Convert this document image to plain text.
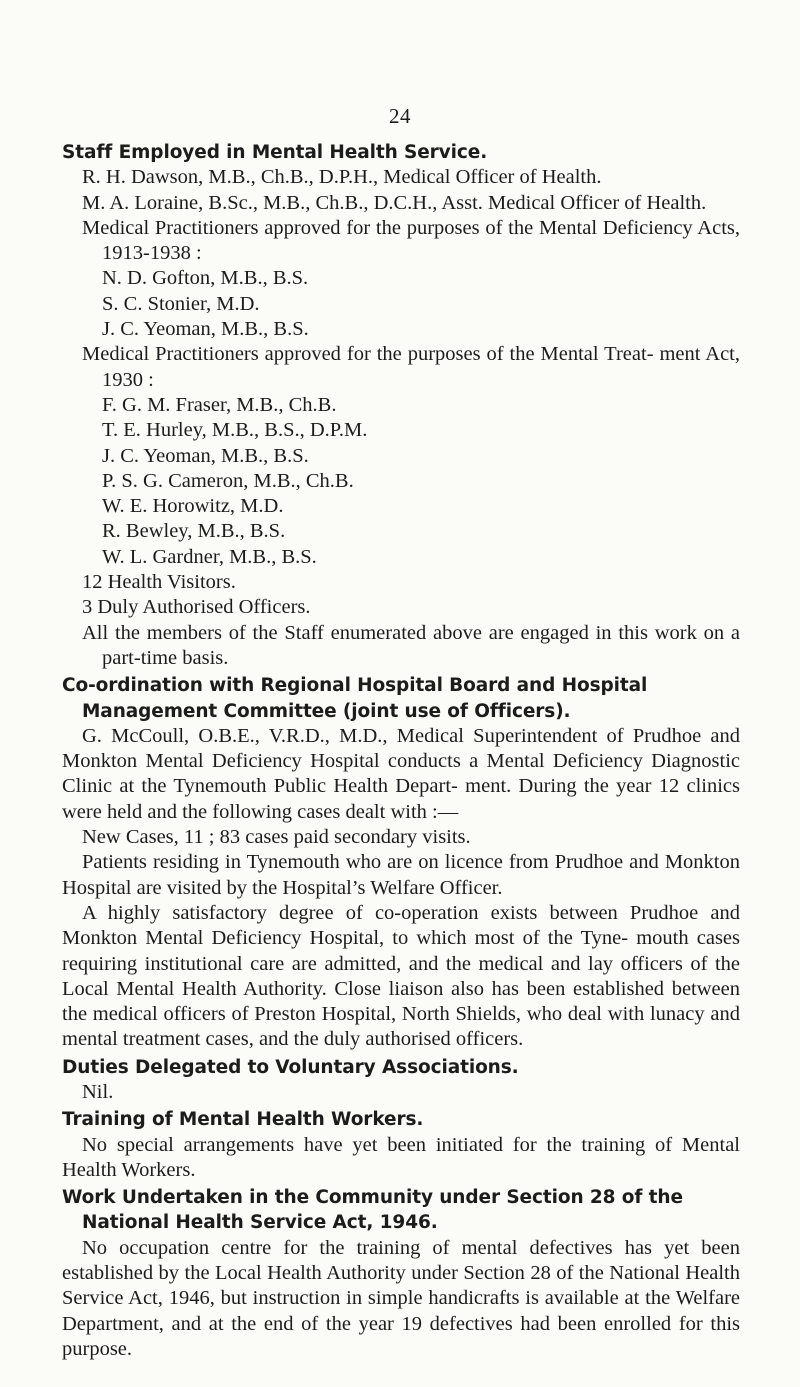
24
Staff Employed in Mental Health Service.
R. H. Dawson, M.B., Ch.B., D.P.H., Medical Officer of Health.
M. A. Loraine, B.Sc., M.B., Ch.B., D.C.H., Asst. Medical Officer of Health.
Medical Practitioners approved for the purposes of the Mental Deficiency Acts, 1913-1938 :
N. D. Gofton, M.B., B.S.
S. C. Stonier, M.D.
J. C. Yeoman, M.B., B.S.
Medical Practitioners approved for the purposes of the Mental Treat- ment Act, 1930 :
F. G. M. Fraser, M.B., Ch.B.
T. E. Hurley, M.B., B.S., D.P.M.
J. C. Yeoman, M.B., B.S.
P. S. G. Cameron, M.B., Ch.B.
W. E. Horowitz, M.D.
R. Bewley, M.B., B.S.
W. L. Gardner, M.B., B.S.
12 Health Visitors.
3 Duly Authorised Officers.
All the members of the Staff enumerated above are engaged in this work on a part-time basis.
Co-ordination with Regional Hospital Board and Hospital Management Committee (joint use of Officers).
G. McCoull, O.B.E., V.R.D., M.D., Medical Superintendent of Prudhoe and Monkton Mental Deficiency Hospital conducts a Mental Deficiency Diagnostic Clinic at the Tynemouth Public Health Depart- ment. During the year 12 clinics were held and the following cases dealt with :—
New Cases, 11 ; 83 cases paid secondary visits.
Patients residing in Tynemouth who are on licence from Prudhoe and Monkton Hospital are visited by the Hospital’s Welfare Officer.
A highly satisfactory degree of co-operation exists between Prudhoe and Monkton Mental Deficiency Hospital, to which most of the Tyne- mouth cases requiring institutional care are admitted, and the medical and lay officers of the Local Mental Health Authority. Close liaison also has been established between the medical officers of Preston Hospital, North Shields, who deal with lunacy and mental treatment cases, and the duly authorised officers.
Duties Delegated to Voluntary Associations.
Nil.
Training of Mental Health Workers.
No special arrangements have yet been initiated for the training of Mental Health Workers.
Work Undertaken in the Community under Section 28 of the National Health Service Act, 1946.
No occupation centre for the training of mental defectives has yet been established by the Local Health Authority under Section 28 of the National Health Service Act, 1946, but instruction in simple handicrafts is available at the Welfare Department, and at the end of the year 19 defectives had been enrolled for this purpose.
